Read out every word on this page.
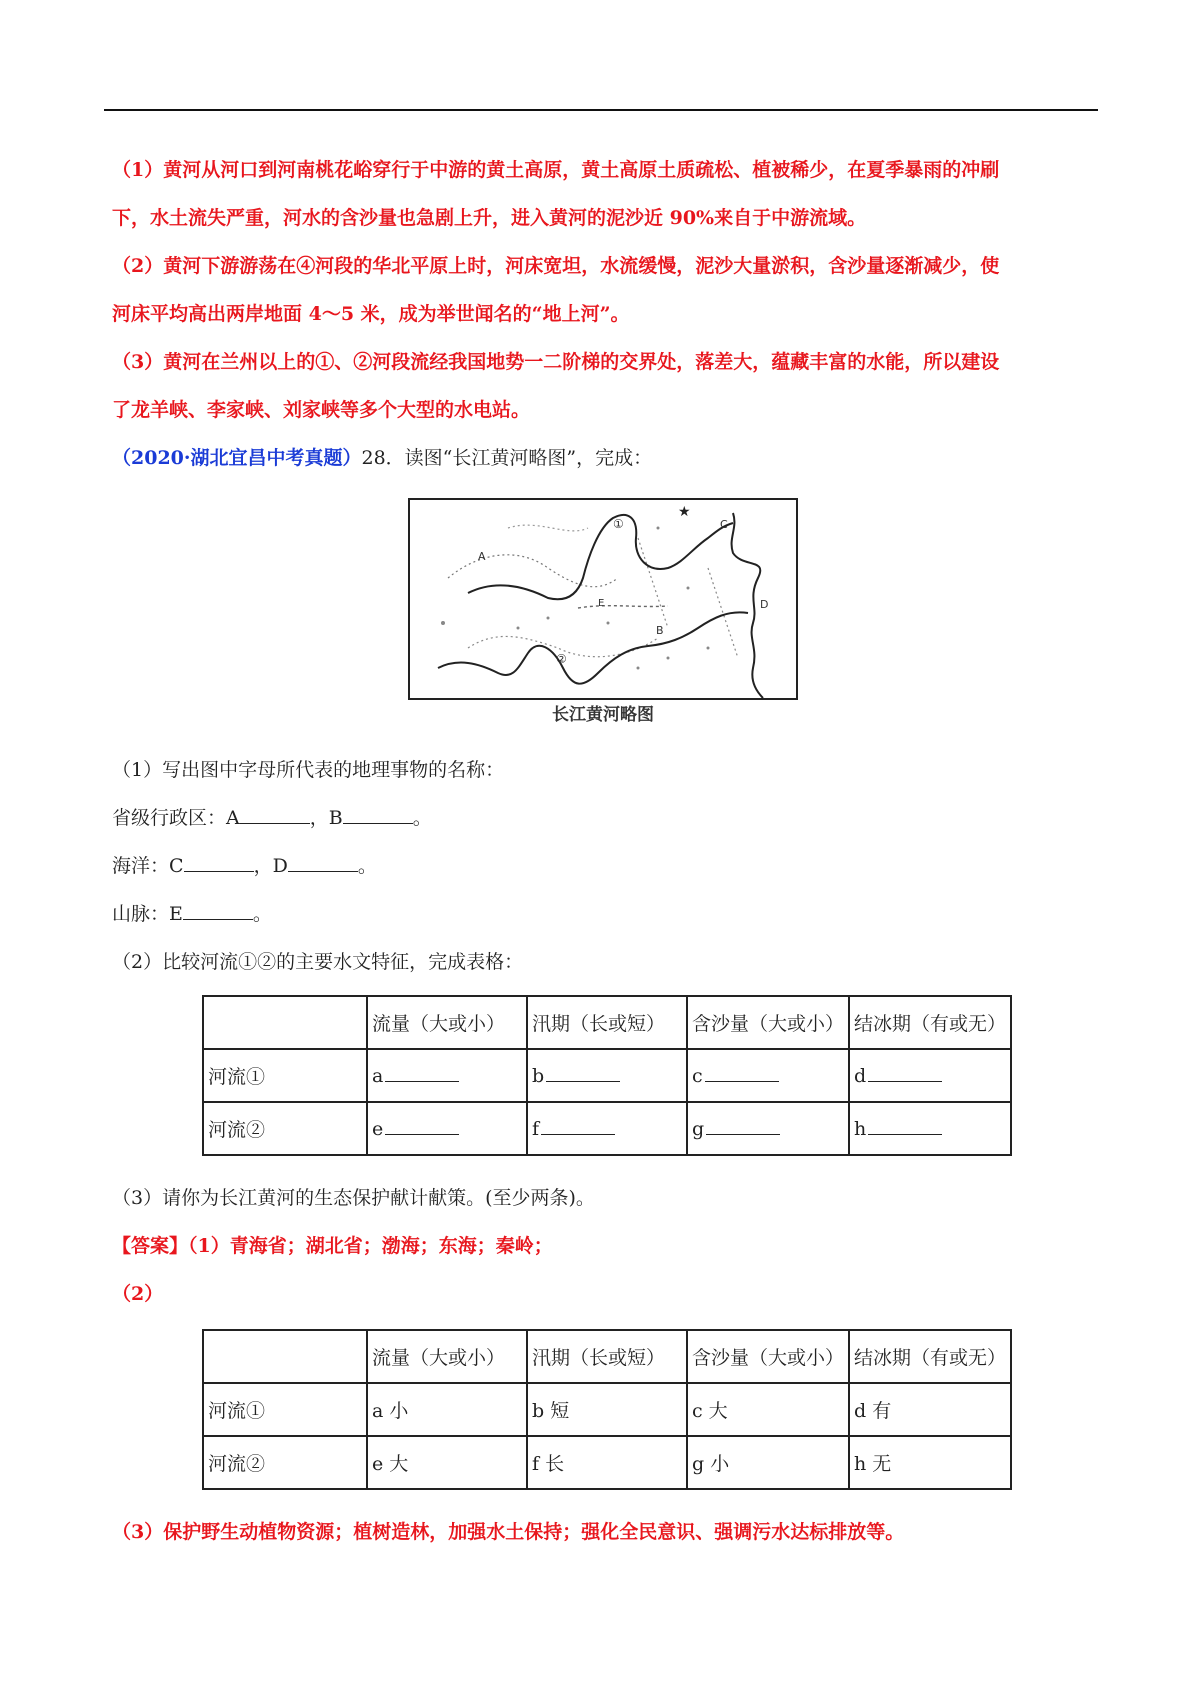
（1）黄河从河口到河南桃花峪穿行于中游的黄土高原，黄土高原土质疏松、植被稀少，在夏季暴雨的冲刷

下，水土流失严重，河水的含沙量也急剧上升，进入黄河的泥沙近 90%来自于中游流域。

（2）黄河下游游荡在④河段的华北平原上时，河床宽坦，水流缓慢，泥沙大量淤积，含沙量逐渐减少，使

河床平均高出两岸地面 4～5 米，成为举世闻名的“地上河”。

（3）黄河在兰州以上的①、②河段流经我国地势一二阶梯的交界处，落差大，蕴藏丰富的水能，所以建设

了龙羊峡、李家峡、刘家峡等多个大型的水电站。

（2020·湖北宜昌中考真题）28．读图“长江黄河略图”，完成：

★
①
②
A
B
C
D
E
长江黄河略图

（1）写出图中字母所代表的地理事物的名称：

省级行政区：A	，B	。

海洋：C	，D	。

山脉：E	。

（2）比较河流①②的主要水文特征，完成表格：

	流量（大或小）	汛期（长或短）	含沙量（大或小）	结冰期（有或无）
河流①	a	b	c	d
河流②	e	f	g	h

（3）请你为长江黄河的生态保护献计献策。(至少两条)。

【答案】（1）青海省；湖北省；渤海；东海；秦岭；

（2）

	流量（大或小）	汛期（长或短）	含沙量（大或小）	结冰期（有或无）
河流①	a 小	b 短	c 大	d 有
河流②	e 大	f 长	g 小	h 无

（3）保护野生动植物资源；植树造林，加强水土保持；强化全民意识、强调污水达标排放等。
